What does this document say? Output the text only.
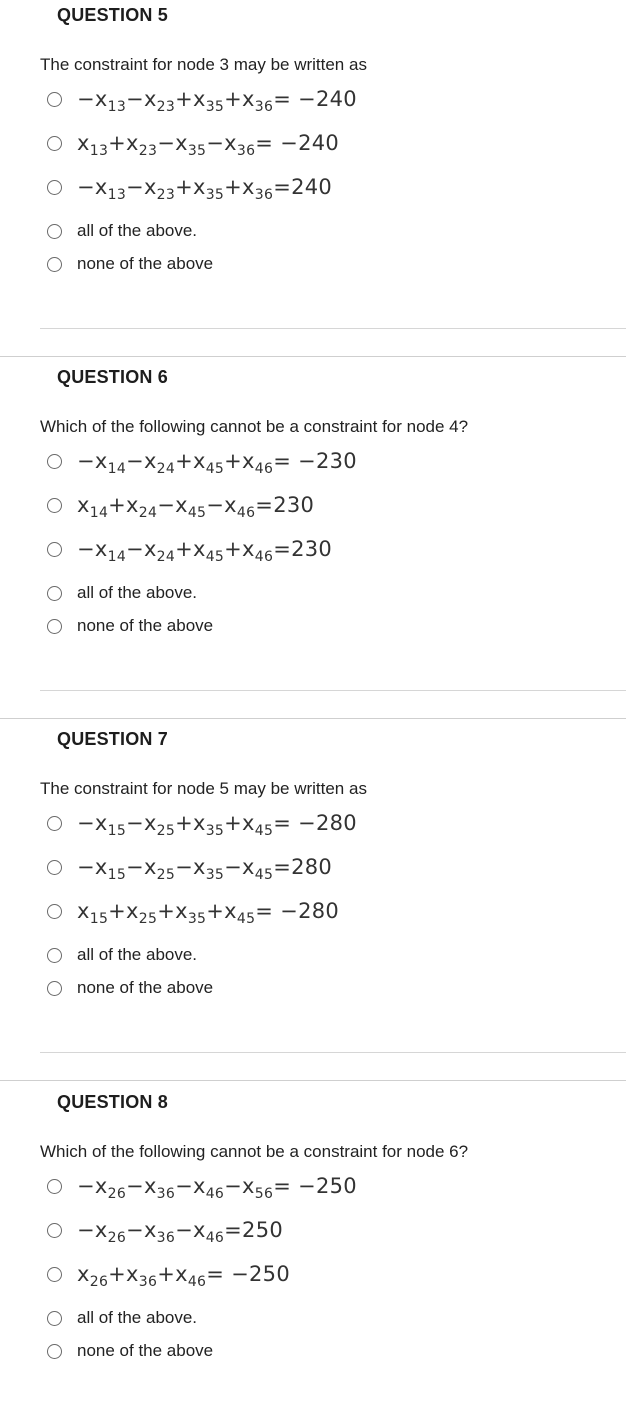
QUESTION 5
The constraint for node 3 may be written as
$-x_{13}-x_{23}+x_{35}+x_{36}= -240$
$x_{13}+x_{23}-x_{35}-x_{36}= -240$
$-x_{13}-x_{23}+x_{35}+x_{36}=240$
all of the above.
none of the above
QUESTION 6
Which of the following cannot be a constraint for node 4?
$-x_{14}-x_{24}+x_{45}+x_{46}= -230$
$x_{14}+x_{24}-x_{45}-x_{46}=230$
$-x_{14}-x_{24}+x_{45}+x_{46}=230$
all of the above.
none of the above
QUESTION 7
The constraint for node 5 may be written as
$-x_{15}-x_{25}+x_{35}+x_{45}= -280$
$-x_{15}-x_{25}-x_{35}-x_{45}=280$
$x_{15}+x_{25}+x_{35}+x_{45}= -280$
all of the above.
none of the above
QUESTION 8
Which of the following cannot be a constraint for node 6?
$-x_{26}-x_{36}-x_{46}-x_{56}= -250$
$-x_{26}-x_{36}-x_{46}=250$
$x_{26}+x_{36}+x_{46}= -250$
all of the above.
none of the above
